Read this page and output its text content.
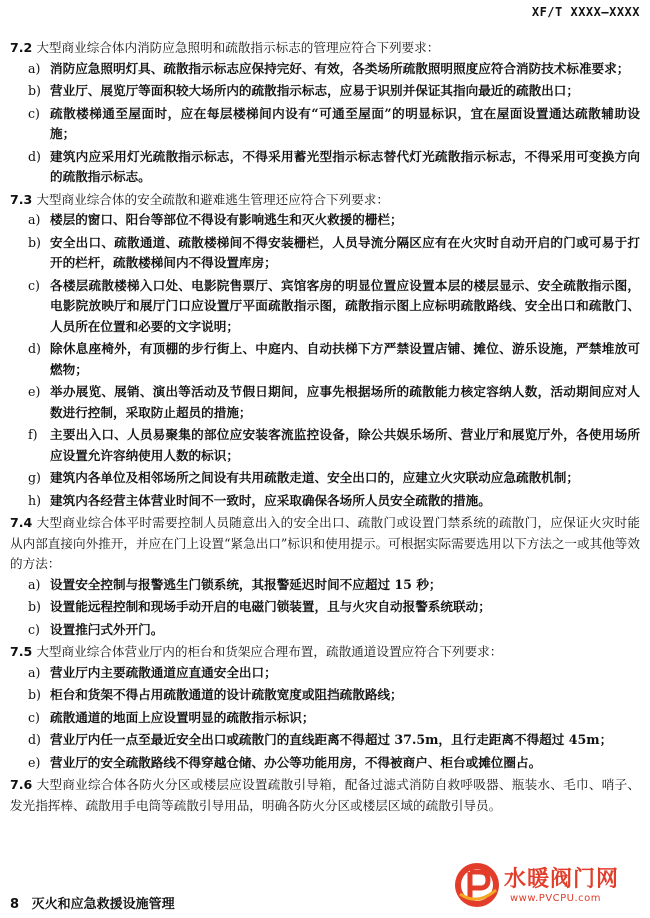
XF/T XXXX—XXXX
7.2 大型商业综合体内消防应急照明和疏散指示标志的管理应符合下列要求：
a) 消防应急照明灯具、疏散指示标志应保持完好、有效，各类场所疏散照明照度应符合消防技术标准要求；
b) 营业厅、展览厅等面积较大场所内的疏散指示标志，应易于识别并保证其指向最近的疏散出口；
c) 疏散楼梯通至屋面时，应在每层楼梯间内设有“可通至屋面”的明显标识，宜在屋面设置通达疏散辅助设施；
d) 建筑内应采用灯光疏散指示标志，不得采用蓄光型指示标志替代灯光疏散指示标志，不得采用可变换方向的疏散指示标志。
7.3 大型商业综合体的安全疏散和避难逃生管理还应符合下列要求：
a) 楼层的窗口、阳台等部位不得设有影响逃生和灭火救援的栅栏；
b) 安全出口、疏散通道、疏散楼梯间不得安装栅栏，人员导流分隔区应有在火灾时自动开启的门或可易于打开的栏杆，疏散楼梯间内不得设置库房；
c) 各楼层疏散楼梯入口处、电影院售票厅、宾馆客房的明显位置应设置本层的楼层显示、安全疏散指示图，电影院放映厅和展厅门口应设置厅平面疏散指示图，疏散指示图上应标明疏散路线、安全出口和疏散门、人员所在位置和必要的文字说明；
d) 除休息座椅外，有顶棚的步行街上、中庭内、自动扶梯下方严禁设置店铺、摊位、游乐设施，严禁堆放可燃物；
e) 举办展览、展销、演出等活动及节假日期间，应事先根据场所的疏散能力核定容纳人数，活动期间应对人数进行控制，采取防止超员的措施；
f) 主要出入口、人员易聚集的部位应安装客流监控设备，除公共娱乐场所、营业厅和展览厅外，各使用场所应设置允许容纳使用人数的标识；
g) 建筑内各单位及相邻场所之间设有共用疏散走道、安全出口的，应建立火灾联动应急疏散机制；
h) 建筑内各经营主体营业时间不一致时，应采取确保各场所人员安全疏散的措施。
7.4 大型商业综合体平时需要控制人员随意出入的安全出口、疏散门或设置门禁系统的疏散门，应保证火灾时能从内部直接向外推开，并应在门上设置“紧急出口”标识和使用提示。可根据实际需要选用以下方法之一或其他等效的方法：
a) 设置安全控制与报警逃生门锁系统，其报警延迟时间不应超过 15 秒；
b) 设置能远程控制和现场手动开启的电磁门锁装置，且与火灾自动报警系统联动；
c) 设置推闩式外开门。
7.5 大型商业综合体营业厅内的柜台和货架应合理布置，疏散通道设置应符合下列要求：
a) 营业厅内主要疏散通道应直通安全出口；
b) 柜台和货架不得占用疏散通道的设计疏散宽度或阻挡疏散路线；
c) 疏散通道的地面上应设置明显的疏散指示标识；
d) 营业厅内任一点至最近安全出口或疏散门的直线距离不得超过 37.5m，且行走距离不得超过 45m；
e) 营业厅的安全疏散路线不得穿越仓储、办公等功能用房，不得被商户、柜台或摊位圈占。
7.6 大型商业综合体各防火分区或楼层应设置疏散引导箱，配备过滤式消防自救呼吸器、瓶装水、毛巾、哨子、发光指挥棒、疏散用手电筒等疏散引导用品，明确各防火分区或楼层区域的疏散引导员。
8 灭火和应急救援设施管理
水暖阀门网
www.PVCPU.com
